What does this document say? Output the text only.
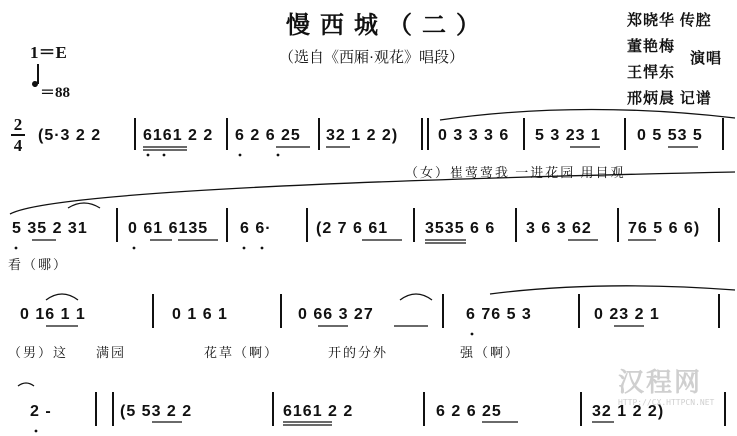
慢西城（二）
（选自《西厢·观花》唱段）
郑晓华 传腔
董艳梅
演唱
王悍东
邢炳晨 记谱
1＝E
＝88
2
4 (5·3 2 2	6161 2 2 6 2 6 25 32 1 2 2) 0 3 3 3 6 5 3 23 1 0 5 53 5
（女）崔莺莺我 一进花园 用目观
5 35 2 31	0 61 6135 6 6·	(2 7 6 61 3535 6 6 3 6 3 62 76 5 6 6)
看（哪）
0 16 1 1	0 1 6 1	0 66 3 27	6 76 5 3	0 23 2 1
（男）这 满园	花草（啊）	开的分外	强（啊）
2 -	(5 53 2 2	6161 2 2	6 2 6 25	32 1 2 2)
汉程网
HTTP://CX.HTTPCN.NET
